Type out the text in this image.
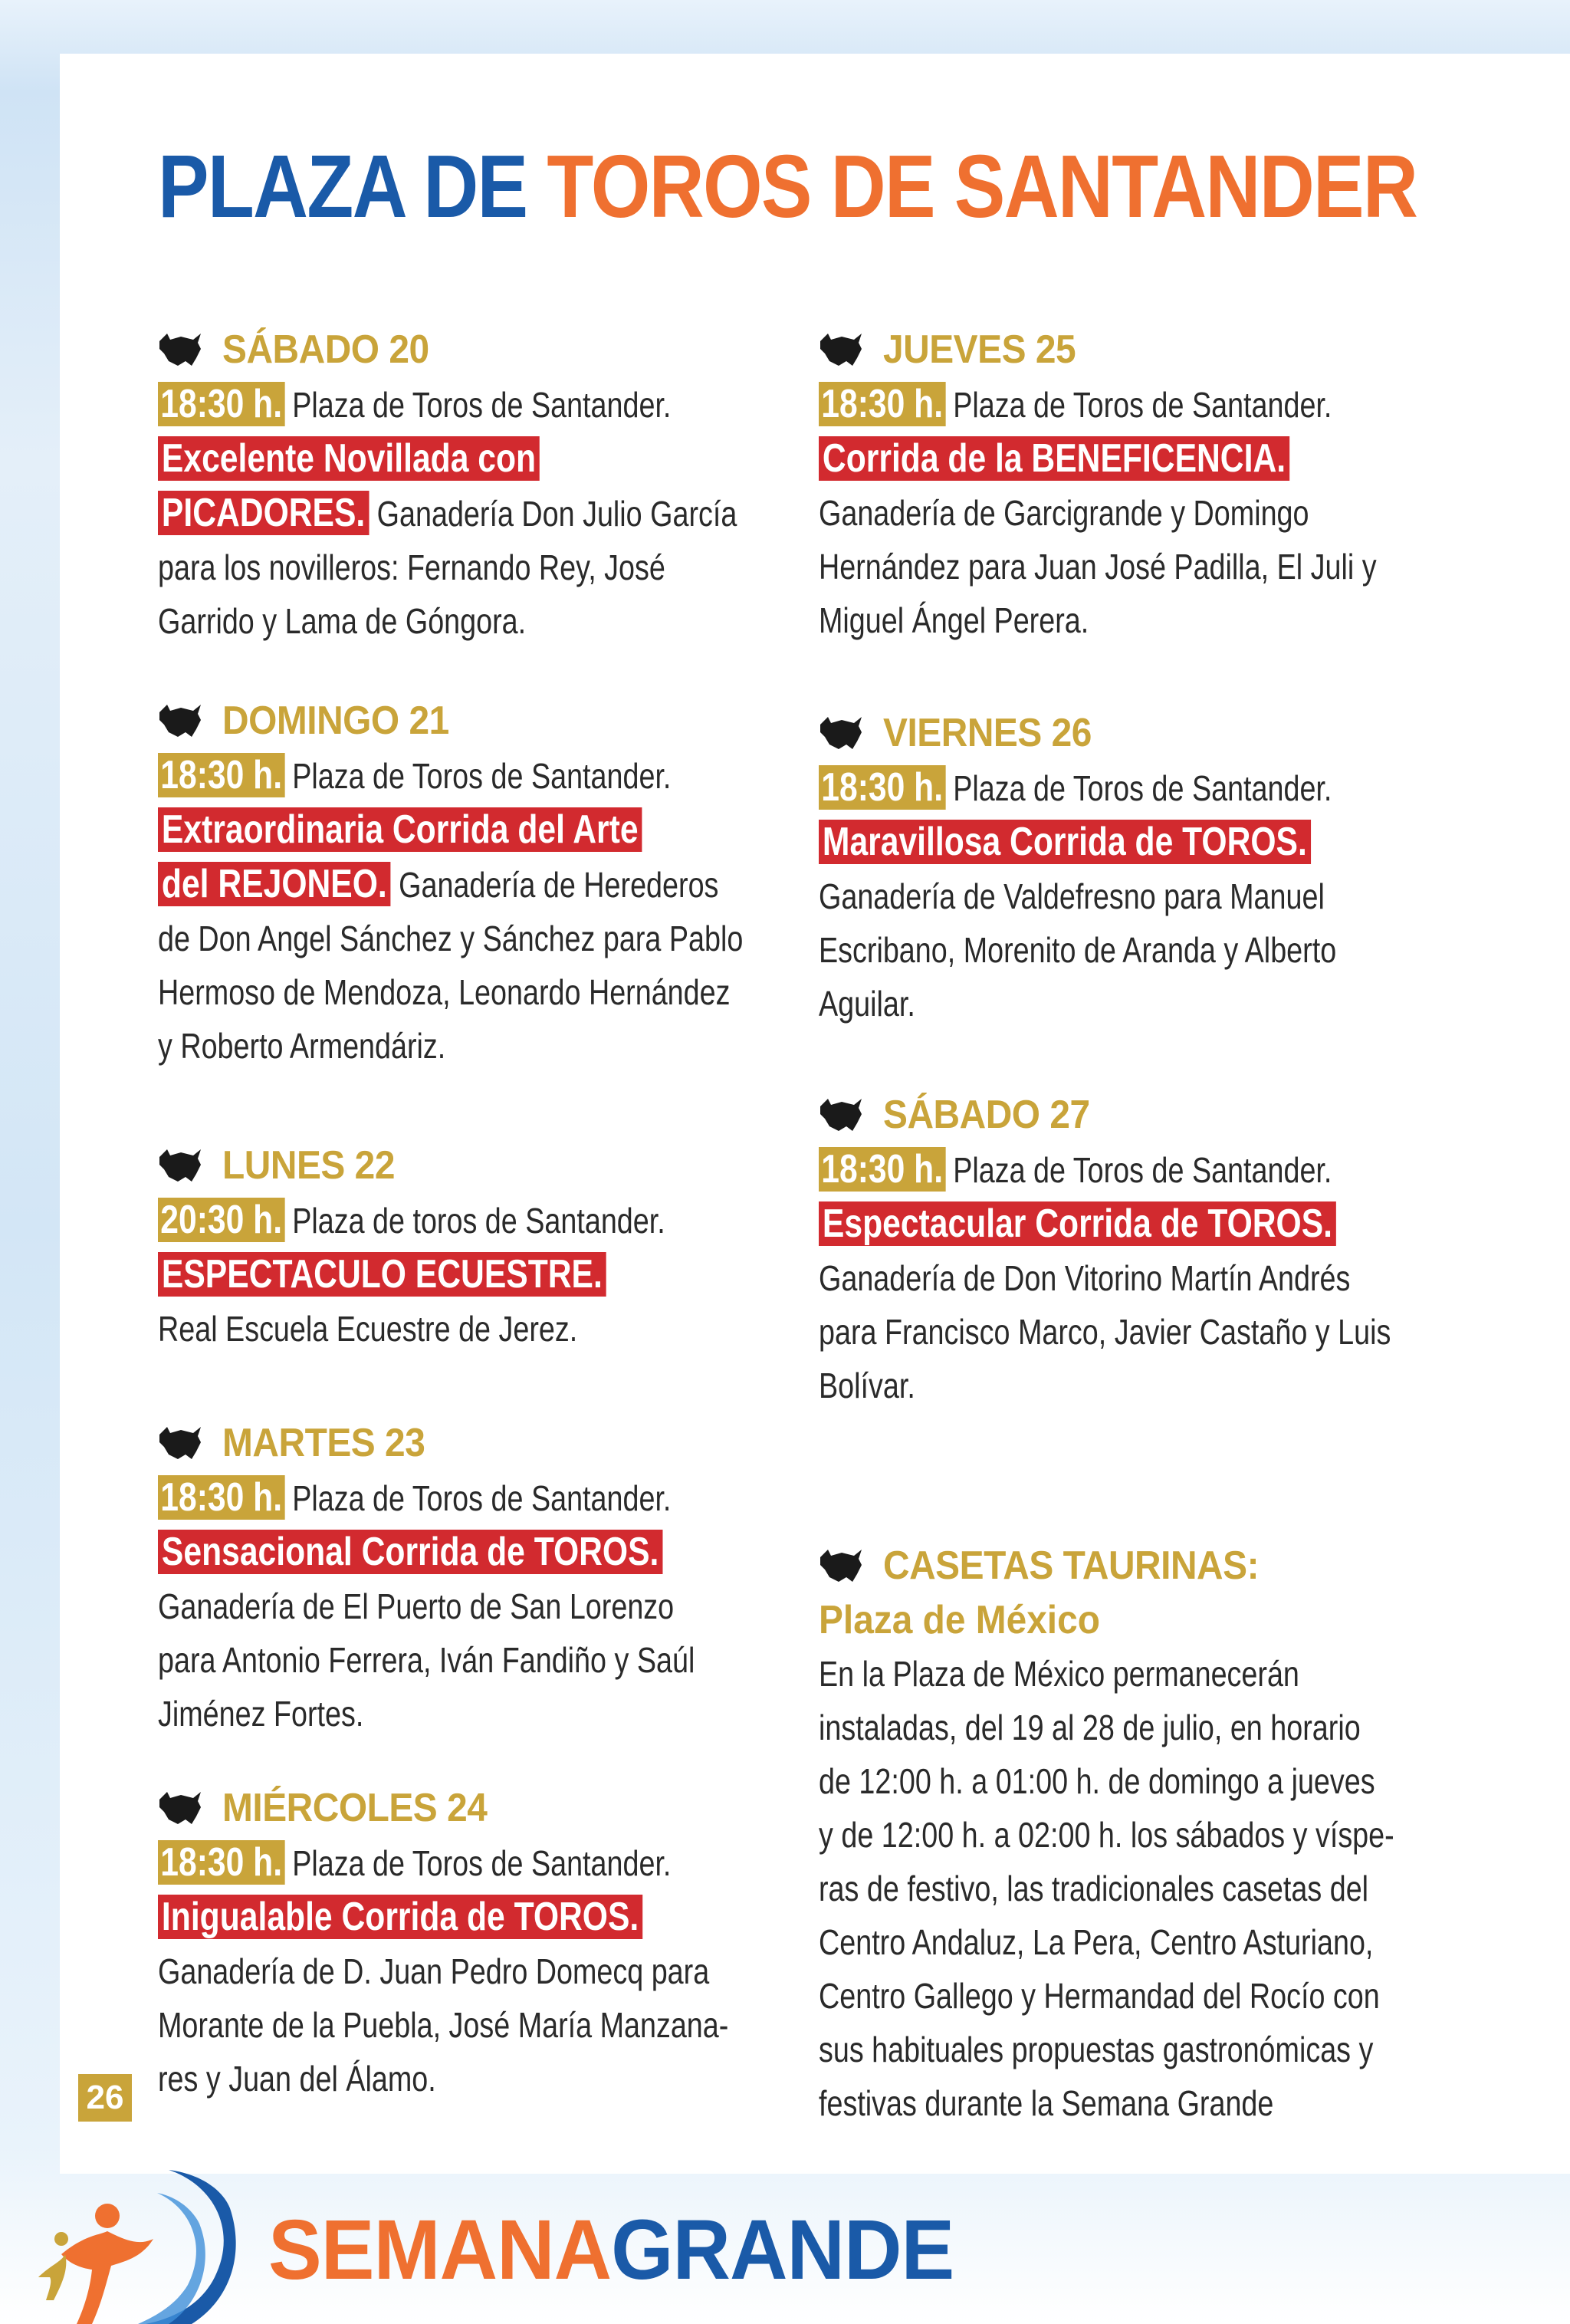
PLAZA DE TOROS DE SANTANDER
SÁBADO 20
18:30 h. Plaza de Toros de Santander.
Excelente Novillada con
PICADORES. Ganadería Don Julio García
para los novilleros: Fernando Rey, José
Garrido y Lama de Góngora.
DOMINGO 21
18:30 h. Plaza de Toros de Santander.
Extraordinaria Corrida del Arte
del REJONEO. Ganadería de Herederos
de Don Angel Sánchez y Sánchez para Pablo
Hermoso de Mendoza, Leonardo Hernández
y Roberto Armendáriz.
LUNES 22
20:30 h. Plaza de toros de Santander.
ESPECTACULO ECUESTRE.
Real Escuela Ecuestre de Jerez.
MARTES 23
18:30 h. Plaza de Toros de Santander.
Sensacional Corrida de TOROS.
Ganadería de El Puerto de San Lorenzo
para Antonio Ferrera, Iván Fandiño y Saúl
Jiménez Fortes.
MIÉRCOLES 24
18:30 h. Plaza de Toros de Santander.
Inigualable Corrida de TOROS.
Ganadería de D. Juan Pedro Domecq para
Morante de la Puebla, José María Manzana-
res y Juan del Álamo.
JUEVES 25
18:30 h. Plaza de Toros de Santander.
Corrida de la BENEFICENCIA.
Ganadería de Garcigrande y Domingo
Hernández para Juan José Padilla, El Juli y
Miguel Ángel Perera.
VIERNES 26
18:30 h. Plaza de Toros de Santander.
Maravillosa Corrida de TOROS.
Ganadería de Valdefresno para Manuel
Escribano, Morenito de Aranda y Alberto
Aguilar.
SÁBADO 27
18:30 h. Plaza de Toros de Santander.
Espectacular Corrida de TOROS.
Ganadería de Don Vitorino Martín Andrés
para Francisco Marco, Javier Castaño y Luis
Bolívar.
CASETAS TAURINAS:
Plaza de México
En la Plaza de México permanecerán
instaladas, del 19 al 28 de julio, en horario
de 12:00 h. a 01:00 h. de domingo a jueves
y de 12:00 h. a 02:00 h. los sábados y víspe-
ras de festivo, las tradicionales casetas del
Centro Andaluz, La Pera, Centro Asturiano,
Centro Gallego y Hermandad del Rocío con
sus habituales propuestas gastronómicas y
festivas durante la Semana Grande
26
SEMANAGRANDE
